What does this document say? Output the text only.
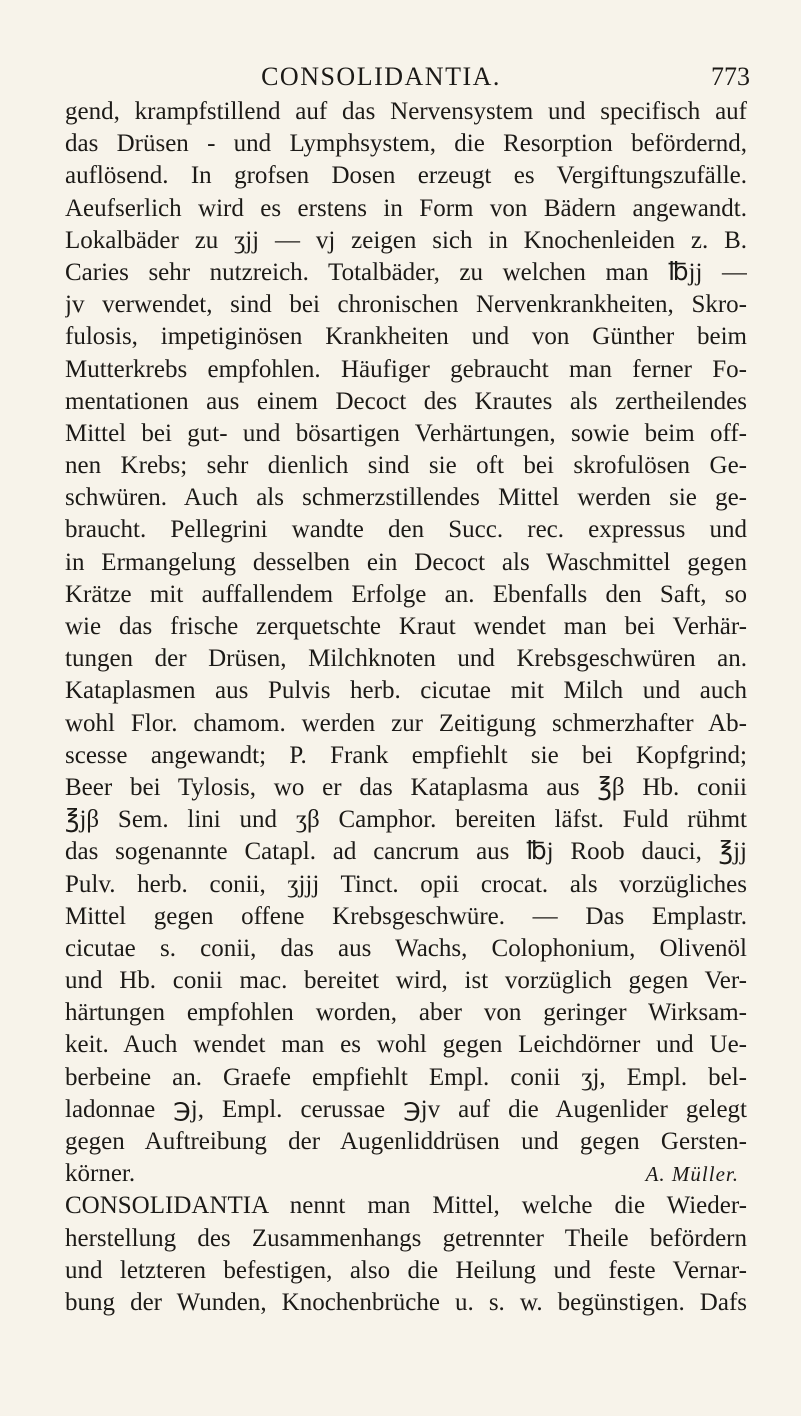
CONSOLIDANTIA.	773
gend, krampfstillend auf das Nervensystem und specifisch auf
das Drüsen - und Lymphsystem, die Resorption befördernd,
auflösend. In grofsen Dosen erzeugt es Vergiftungszufälle.
Aeufserlich wird es erstens in Form von Bädern angewandt.
Lokalbäder zu ʒjj — vj zeigen sich in Knochenleiden z. B.
Caries sehr nutzreich. Totalbäder, zu welchen man ℔jj —
jv verwendet, sind bei chronischen Nervenkrankheiten, Skro-
fulosis, impetiginösen Krankheiten und von Günther beim
Mutterkrebs empfohlen. Häufiger gebraucht man ferner Fo-
mentationen aus einem Decoct des Krautes als zertheilendes
Mittel bei gut- und bösartigen Verhärtungen, sowie beim off-
nen Krebs; sehr dienlich sind sie oft bei skrofulösen Ge-
schwüren. Auch als schmerzstillendes Mittel werden sie ge-
braucht. Pellegrini wandte den Succ. rec. expressus und
in Ermangelung desselben ein Decoct als Waschmittel gegen
Krätze mit auffallendem Erfolge an. Ebenfalls den Saft, so
wie das frische zerquetschte Kraut wendet man bei Verhär-
tungen der Drüsen, Milchknoten und Krebsgeschwüren an.
Kataplasmen aus Pulvis herb. cicutae mit Milch und auch
wohl Flor. chamom. werden zur Zeitigung schmerzhafter Ab-
scesse angewandt; P. Frank empfiehlt sie bei Kopfgrind;
Beer bei Tylosis, wo er das Kataplasma aus ℥β Hb. conii
℥jβ Sem. lini und ʒβ Camphor. bereiten läfst. Fuld rühmt
das sogenannte Catapl. ad cancrum aus ℔j Roob dauci, ℥jj
Pulv. herb. conii, ʒjjj Tinct. opii crocat. als vorzügliches
Mittel gegen offene Krebsgeschwüre. — Das Emplastr.
cicutae s. conii, das aus Wachs, Colophonium, Olivenöl
und Hb. conii mac. bereitet wird, ist vorzüglich gegen Ver-
härtungen empfohlen worden, aber von geringer Wirksam-
keit. Auch wendet man es wohl gegen Leichdörner und Ue-
berbeine an. Graefe empfiehlt Empl. conii ʒj, Empl. bel-
ladonnae ℈j, Empl. cerussae ℈jv auf die Augenlider gelegt
gegen Auftreibung der Augenliddrüsen und gegen Gersten-
körner.	A. Müller.
CONSOLIDANTIA nennt man Mittel, welche die Wieder-
herstellung des Zusammenhangs getrennter Theile befördern
und letzteren befestigen, also die Heilung und feste Vernar-
bung der Wunden, Knochenbrüche u. s. w. begünstigen. Dafs
